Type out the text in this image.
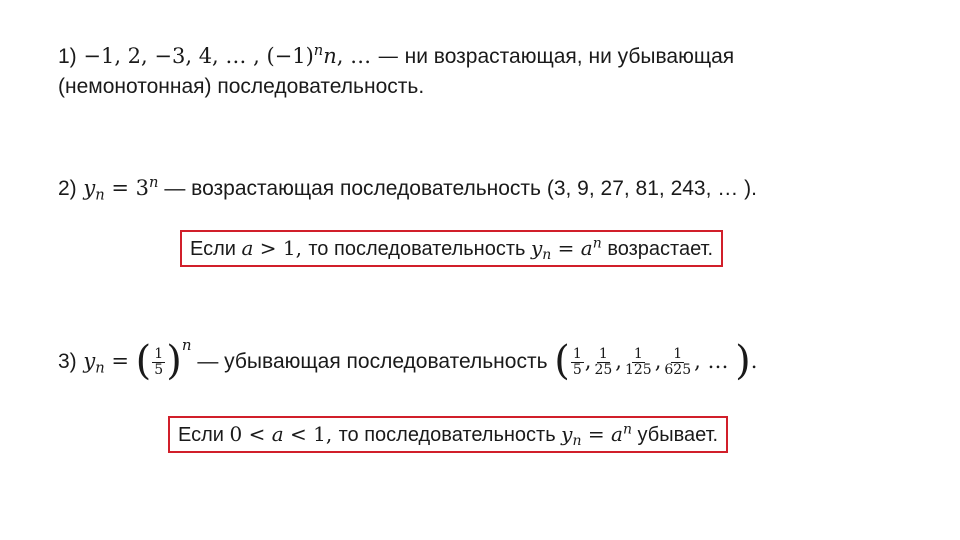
1) −1, 2, −3, 4, … , $(-1)^nn$, … — ни возрастающая, ни убывающая
(немонотонная) последовательность.
2) $y_n = 3^n$ — возрастающая последовательность (3, 9, 27, 81, 243, … ).
Если a > 1, то последовательность $y_n = a^n$ возрастает.
3) $y_n$ = ( $\frac{1}{5} )^n$ — убывающая последовательность ( $\frac{1}{5}$ , $\frac{1}{25}$ , $\frac{1}{125}$ , $\frac{1}{625}$ , … ).
Если 0 < a < 1, то последовательность $y_n = a^n$ убывает.
